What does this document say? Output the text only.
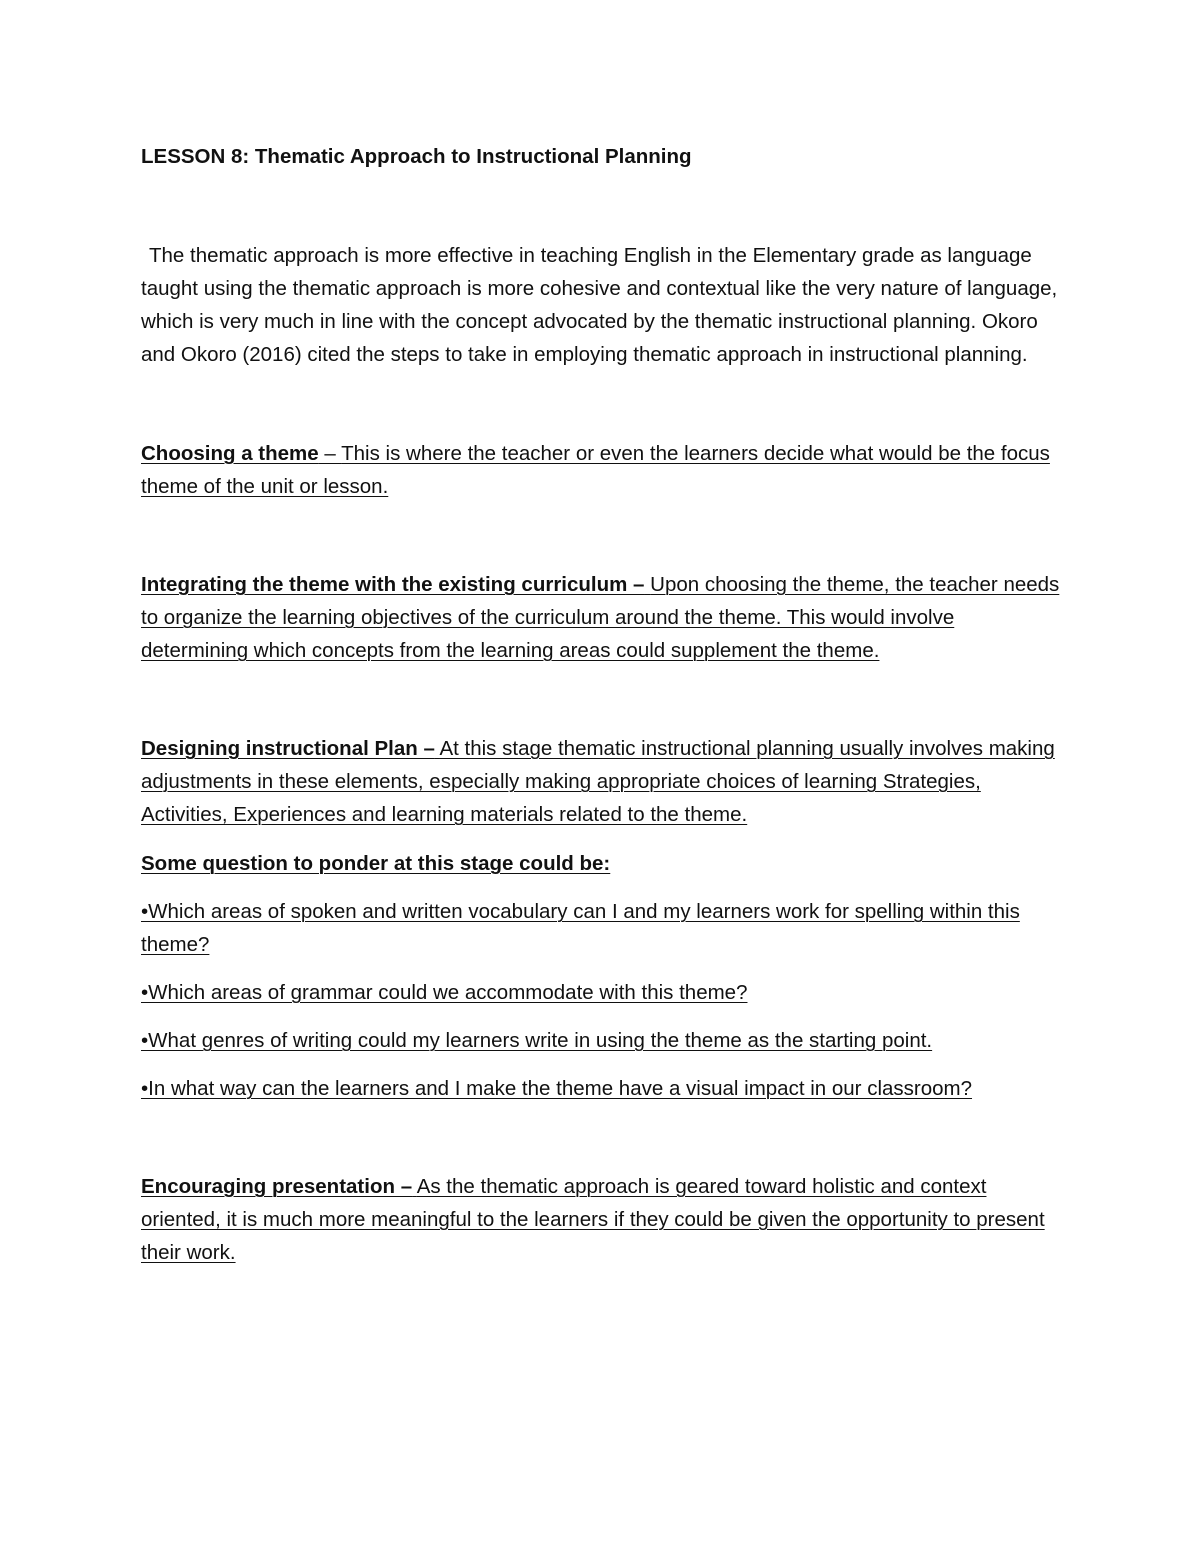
LESSON 8: Thematic Approach to Instructional Planning

The thematic approach is more effective in teaching English in the Elementary grade as language taught using the thematic approach is more cohesive and contextual like the very nature of language, which is very much in line with the concept advocated by the thematic instructional planning. Okoro and Okoro (2016) cited the steps to take in employing thematic approach in instructional planning.

Choosing a theme – This is where the teacher or even the learners decide what would be the focus theme of the unit or lesson.

Integrating the theme with the existing curriculum – Upon choosing the theme, the teacher needs to organize the learning objectives of the curriculum around the theme. This would involve determining which concepts from the learning areas could supplement the theme.

Designing instructional Plan – At this stage thematic instructional planning usually involves making adjustments in these elements, especially making appropriate choices of learning Strategies, Activities, Experiences and learning materials related to the theme.

Some question to ponder at this stage could be:

•Which areas of spoken and written vocabulary can I and my learners work for spelling within this theme?

•Which areas of grammar could we accommodate with this theme?

•What genres of writing could my learners write in using the theme as the starting point.

•In what way can the learners and I make the theme have a visual impact in our classroom?

Encouraging presentation – As the thematic approach is geared toward holistic and context oriented, it is much more meaningful to the learners if they could be given the opportunity to present their work.
